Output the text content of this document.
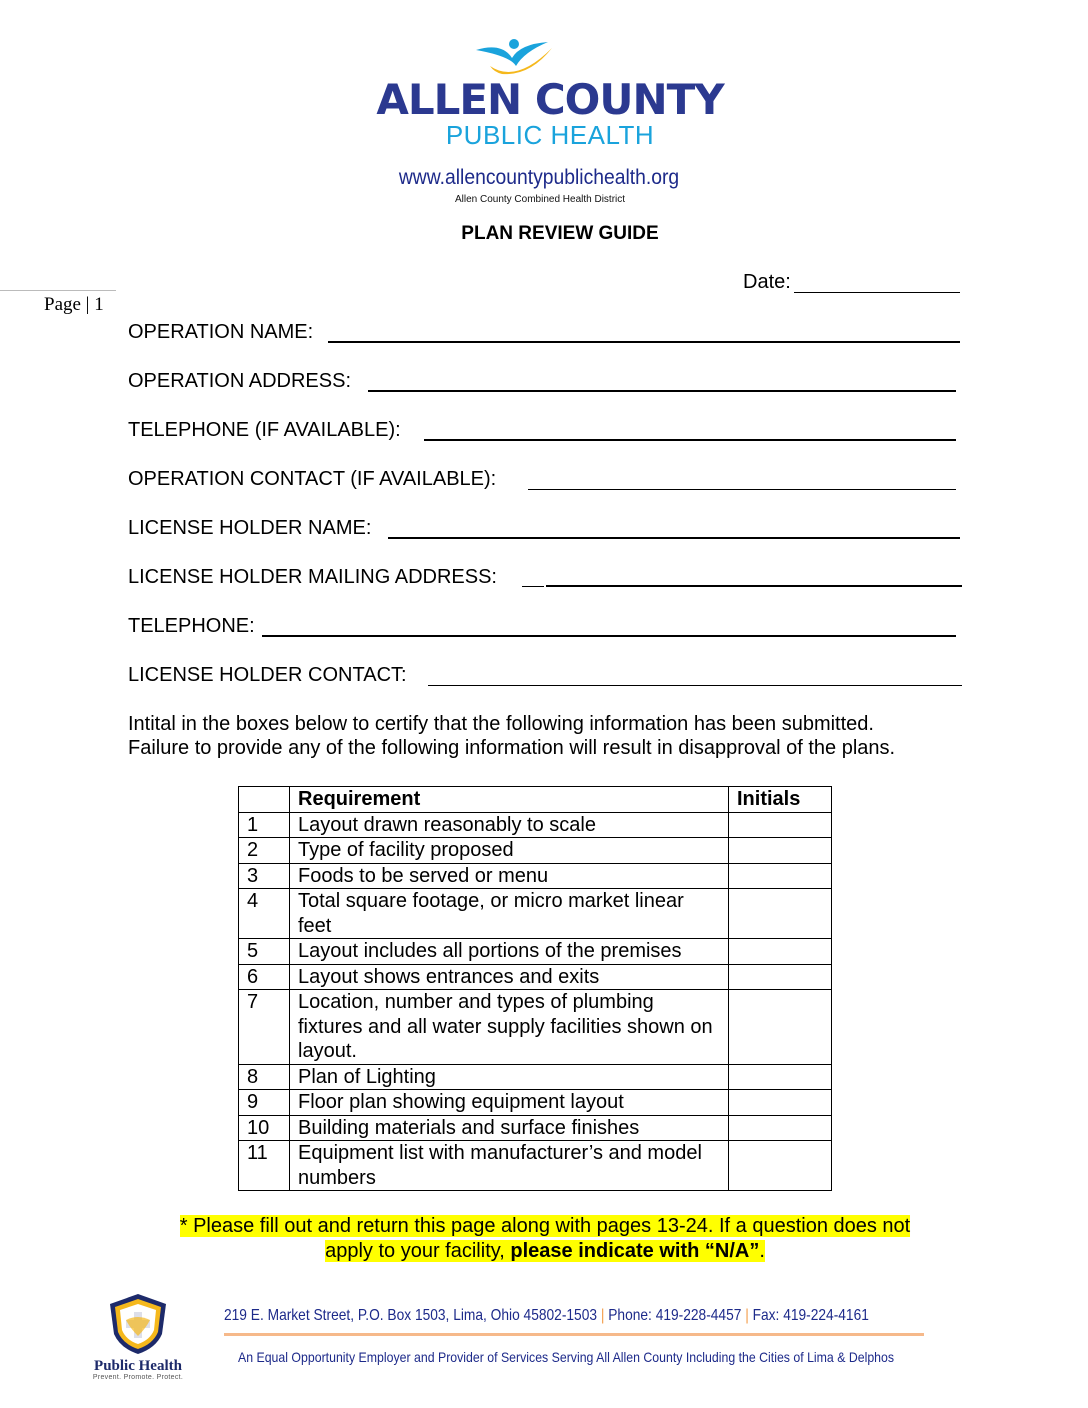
ALLEN COUNTY
PUBLIC HEALTH
www.allencountypublichealth.org
Allen County Combined Health District
PLAN REVIEW GUIDE
Page | 1
Date:
OPERATION NAME:
OPERATION ADDRESS:
TELEPHONE (IF AVAILABLE):
OPERATION CONTACT (IF AVAILABLE):
LICENSE HOLDER NAME:
LICENSE HOLDER MAILING ADDRESS:
TELEPHONE:
LICENSE HOLDER CONTACT:
Intital in the boxes below to certify that the following information has been submitted.
Failure to provide any of the following information will result in disapproval of the plans.
	Requirement	Initials
1	Layout drawn reasonably to scale	
2	Type of facility proposed	
3	Foods to be served or menu	
4	Total square footage, or micro market linear feet	
5	Layout includes all portions of the premises	
6	Layout shows entrances and exits	
7	Location, number and types of plumbing fixtures and all water supply facilities shown on layout.	
8	Plan of Lighting	
9	Floor plan showing equipment layout	
10	Building materials and surface finishes	
11	Equipment list with manufacturer’s and model numbers	
* Please fill out and return this page along with pages 13-24. If a question does not
apply to your facility, please indicate with “N/A”.
Public Health
Prevent. Promote. Protect.
219 E. Market Street, P.O. Box 1503, Lima, Ohio 45802-1503 | Phone: 419-228-4457 | Fax: 419-224-4161
An Equal Opportunity Employer and Provider of Services Serving All Allen County Including the Cities of Lima & Delphos
